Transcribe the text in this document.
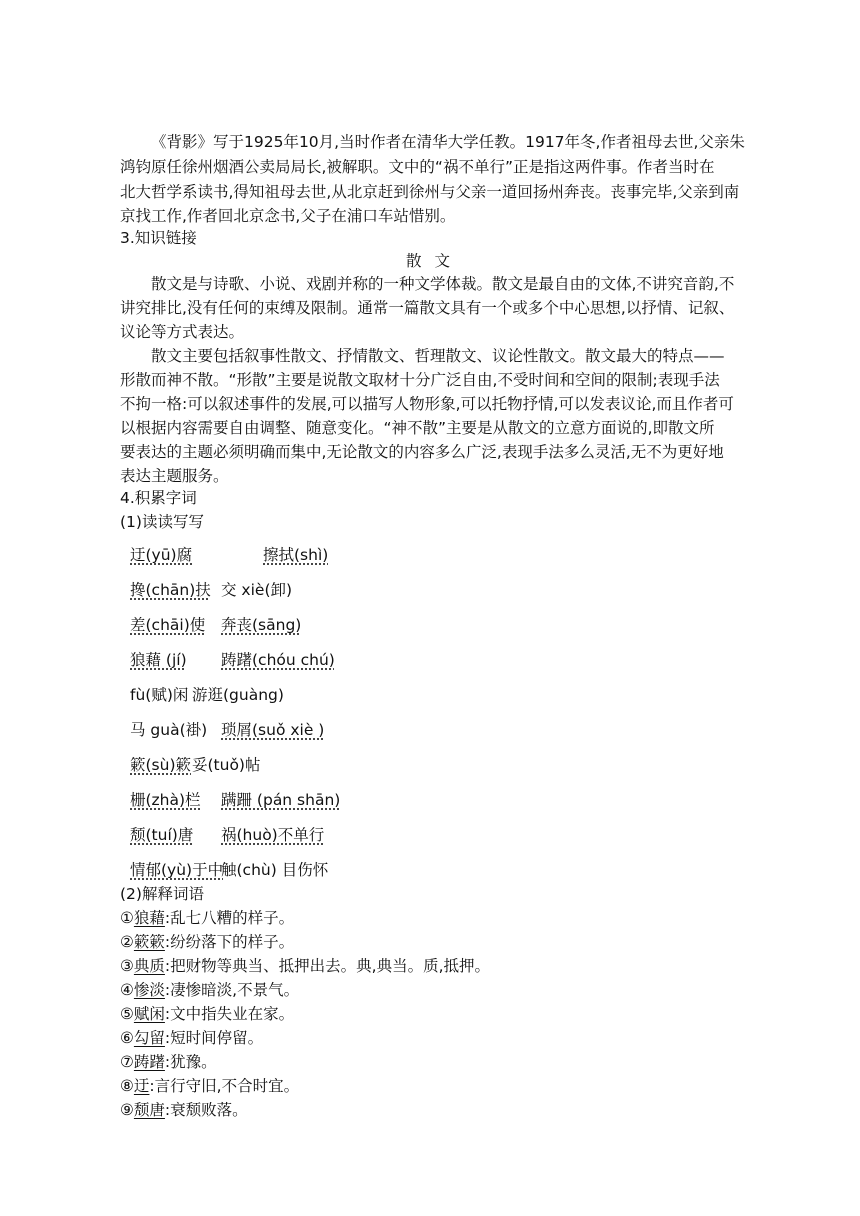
《背影》写于1925年10月,当时作者在清华大学任教。1917年冬,作者祖母去世,父亲朱
鸿钧原任徐州烟酒公卖局局长,被解职。文中的“祸不单行”正是指这两件事。作者当时在
北大哲学系读书,得知祖母去世,从北京赶到徐州与父亲一道回扬州奔丧。丧事完毕,父亲到南
京找工作,作者回北京念书,父子在浦口车站惜别。
3.知识链接
散 文
散文是与诗歌、小说、戏剧并称的一种文学体裁。散文是最自由的文体,不讲究音韵,不
讲究排比,没有任何的束缚及限制。通常一篇散文具有一个或多个中心思想,以抒情、记叙、
议论等方式表达。
散文主要包括叙事性散文、抒情散文、哲理散文、议论性散文。散文最大的特点——
形散而神不散。“形散”主要是说散文取材十分广泛自由,不受时间和空间的限制;表现手法
不拘一格:可以叙述事件的发展,可以描写人物形象,可以托物抒情,可以发表议论,而且作者可
以根据内容需要自由调整、随意变化。“神不散”主要是从散文的立意方面说的,即散文所
要表达的主题必须明确而集中,无论散文的内容多么广泛,表现手法多么灵活,无不为更好地
表达主题服务。
4.积累字词
(1)读读写写
迂(yū)腐	擦拭(shì)
搀(chān)扶 交 xiè(卸)
差(chāi)使 奔丧(sāng)
狼藉 (jí) 踌躇(chóu chú)
fù(赋)闲 游逛(guàng)
马 guà(褂) 琐屑(suǒ xiè )
簌(sù)簌 妥(tuǒ)帖
栅(zhà)栏 蹒跚 (pán shān)
颓(tuí)唐 祸(huò)不单行
情郁(yù)于中
触(chù) 目伤怀
(2)解释词语
①狼藉:乱七八糟的样子。
②簌簌:纷纷落下的样子。
③典质:把财物等典当、抵押出去。典,典当。质,抵押。
④惨淡:凄惨暗淡,不景气。
⑤赋闲:文中指失业在家。
⑥勾留:短时间停留。
⑦踌躇:犹豫。
⑧迂:言行守旧,不合时宜。
⑨颓唐:衰颓败落。
